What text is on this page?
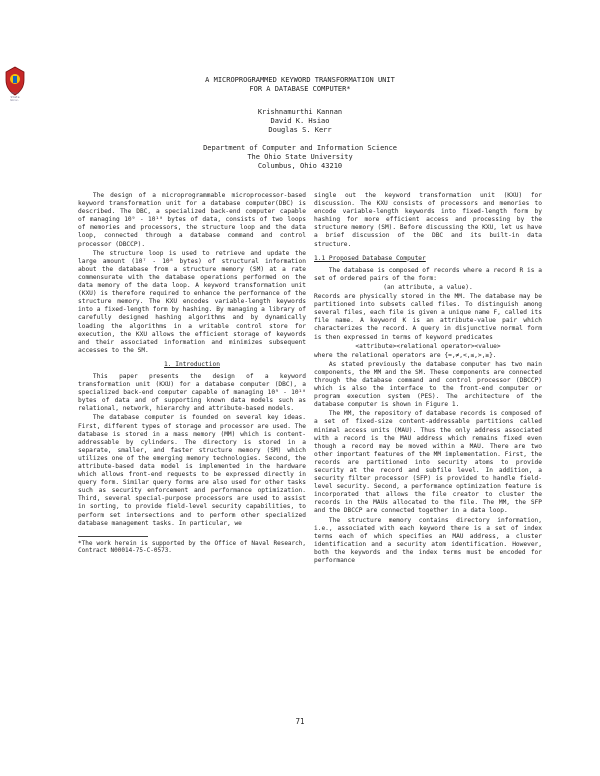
Ohio
State
Univ.
A MICROPROGRAMMED KEYWORD TRANSFORMATION UNIT
FOR A DATABASE COMPUTER*
Krishnamurthi Kannan
David K. Hsiao
Douglas S. Kerr
Department of Computer and Information Science
The Ohio State University
Columbus, Ohio 43210

The design of a microprogrammable microprocessor-based keyword transformation unit for a database computer(DBC) is described. The DBC, a specialized back-end computer capable of managing 10⁹ - 10¹⁰ bytes of data, consists of two loops of memories and processors, the structure loop and the data loop, connected through a database command and control processor (DBCCP).

The structure loop is used to retrieve and update the large amount (10⁷ - 10⁸ bytes) of structural information about the database from a structure memory (SM) at a rate commensurate with the database operations performed on the data memory of the data loop. A keyword transformation unit (KXU) is therefore required to enhance the performance of the structure memory. The KXU encodes variable-length keywords into a fixed-length form by hashing. By managing a library of carefully designed hashing algorithms and by dynamically loading the algorithms in a writable control store for execution, the KXU allows the efficient storage of keywords and their associated information and minimizes subsequent accesses to the SM.

1. Introduction

This paper presents the design of a keyword transformation unit (KXU) for a database computer (DBC), a specialized back-end computer capable of managing 10⁹ - 10¹⁰ bytes of data and of supporting known data models such as relational, network, hierarchy and attribute-based models.

The database computer is founded on several key ideas. First, different types of storage and processor are used. The database is stored in a mass memory (MM) which is content-addressable by cylinders. The directory is stored in a separate, smaller, and faster structure memory (SM) which utilizes one of the emerging memory technologies. Second, the attribute-based data model is implemented in the hardware which allows front-end requests to be expressed directly in query form. Similar query forms are also used for other tasks such as security enforcement and performance optimization. Third, several special-purpose processors are used to assist in sorting, to provide field-level security capabilities, to perform set intersections and to perform other specialized database management tasks. In particular, we

*The work herein is supported by the Office of Naval Research, Contract N00014-75-C-0573.

single out the keyword transformation unit (KXU) for discussion. The KXU consists of processors and memories to encode variable-length keywords into fixed-length form by hashing for more efficient access and processing by the structure memory (SM). Before discussing the KXU, let us have a brief discussion of the DBC and its built-in data structure.

1.1 Proposed Database Computer

The database is composed of records where a record R is a set of ordered pairs of the form:

(an attribute, a value).

Records are physically stored in the MM. The database may be partitioned into subsets called files. To distinguish among several files, each file is given a unique name F, called its file name. A keyword K is an attribute-value pair which characterizes the record. A query in disjunctive normal form is then expressed in terms of keyword predicates

<attribute><relational operator><value>

where the relational operators are {=,≠,<,≤,>,≥}.

As stated previously the database computer has two main components, the MM and the SM. These components are connected through the database command and control processor (DBCCP) which is also the interface to the front-end computer or program execution system (PES). The architecture of the database computer is shown in Figure 1.

The MM, the repository of database records is composed of a set of fixed-size content-addressable partitions called minimal access units (MAU). Thus the only address associated with a record is the MAU address which remains fixed even though a record may be moved within a MAU. There are two other important features of the MM implementation. First, the records are partitioned into security atoms to provide security at the record and subfile level. In addition, a security filter processor (SFP) is provided to handle field-level security. Second, a performance optimization feature is incorporated that allows the file creator to cluster the records in the MAUs allocated to the file. The MM, the SFP and the DBCCP are connected together in a data loop.

The structure memory contains directory information, i.e., associated with each keyword there is a set of index terms each of which specifies an MAU address, a cluster identification and a security atom identification. However, both the keywords and the index terms must be encoded for performance

71
